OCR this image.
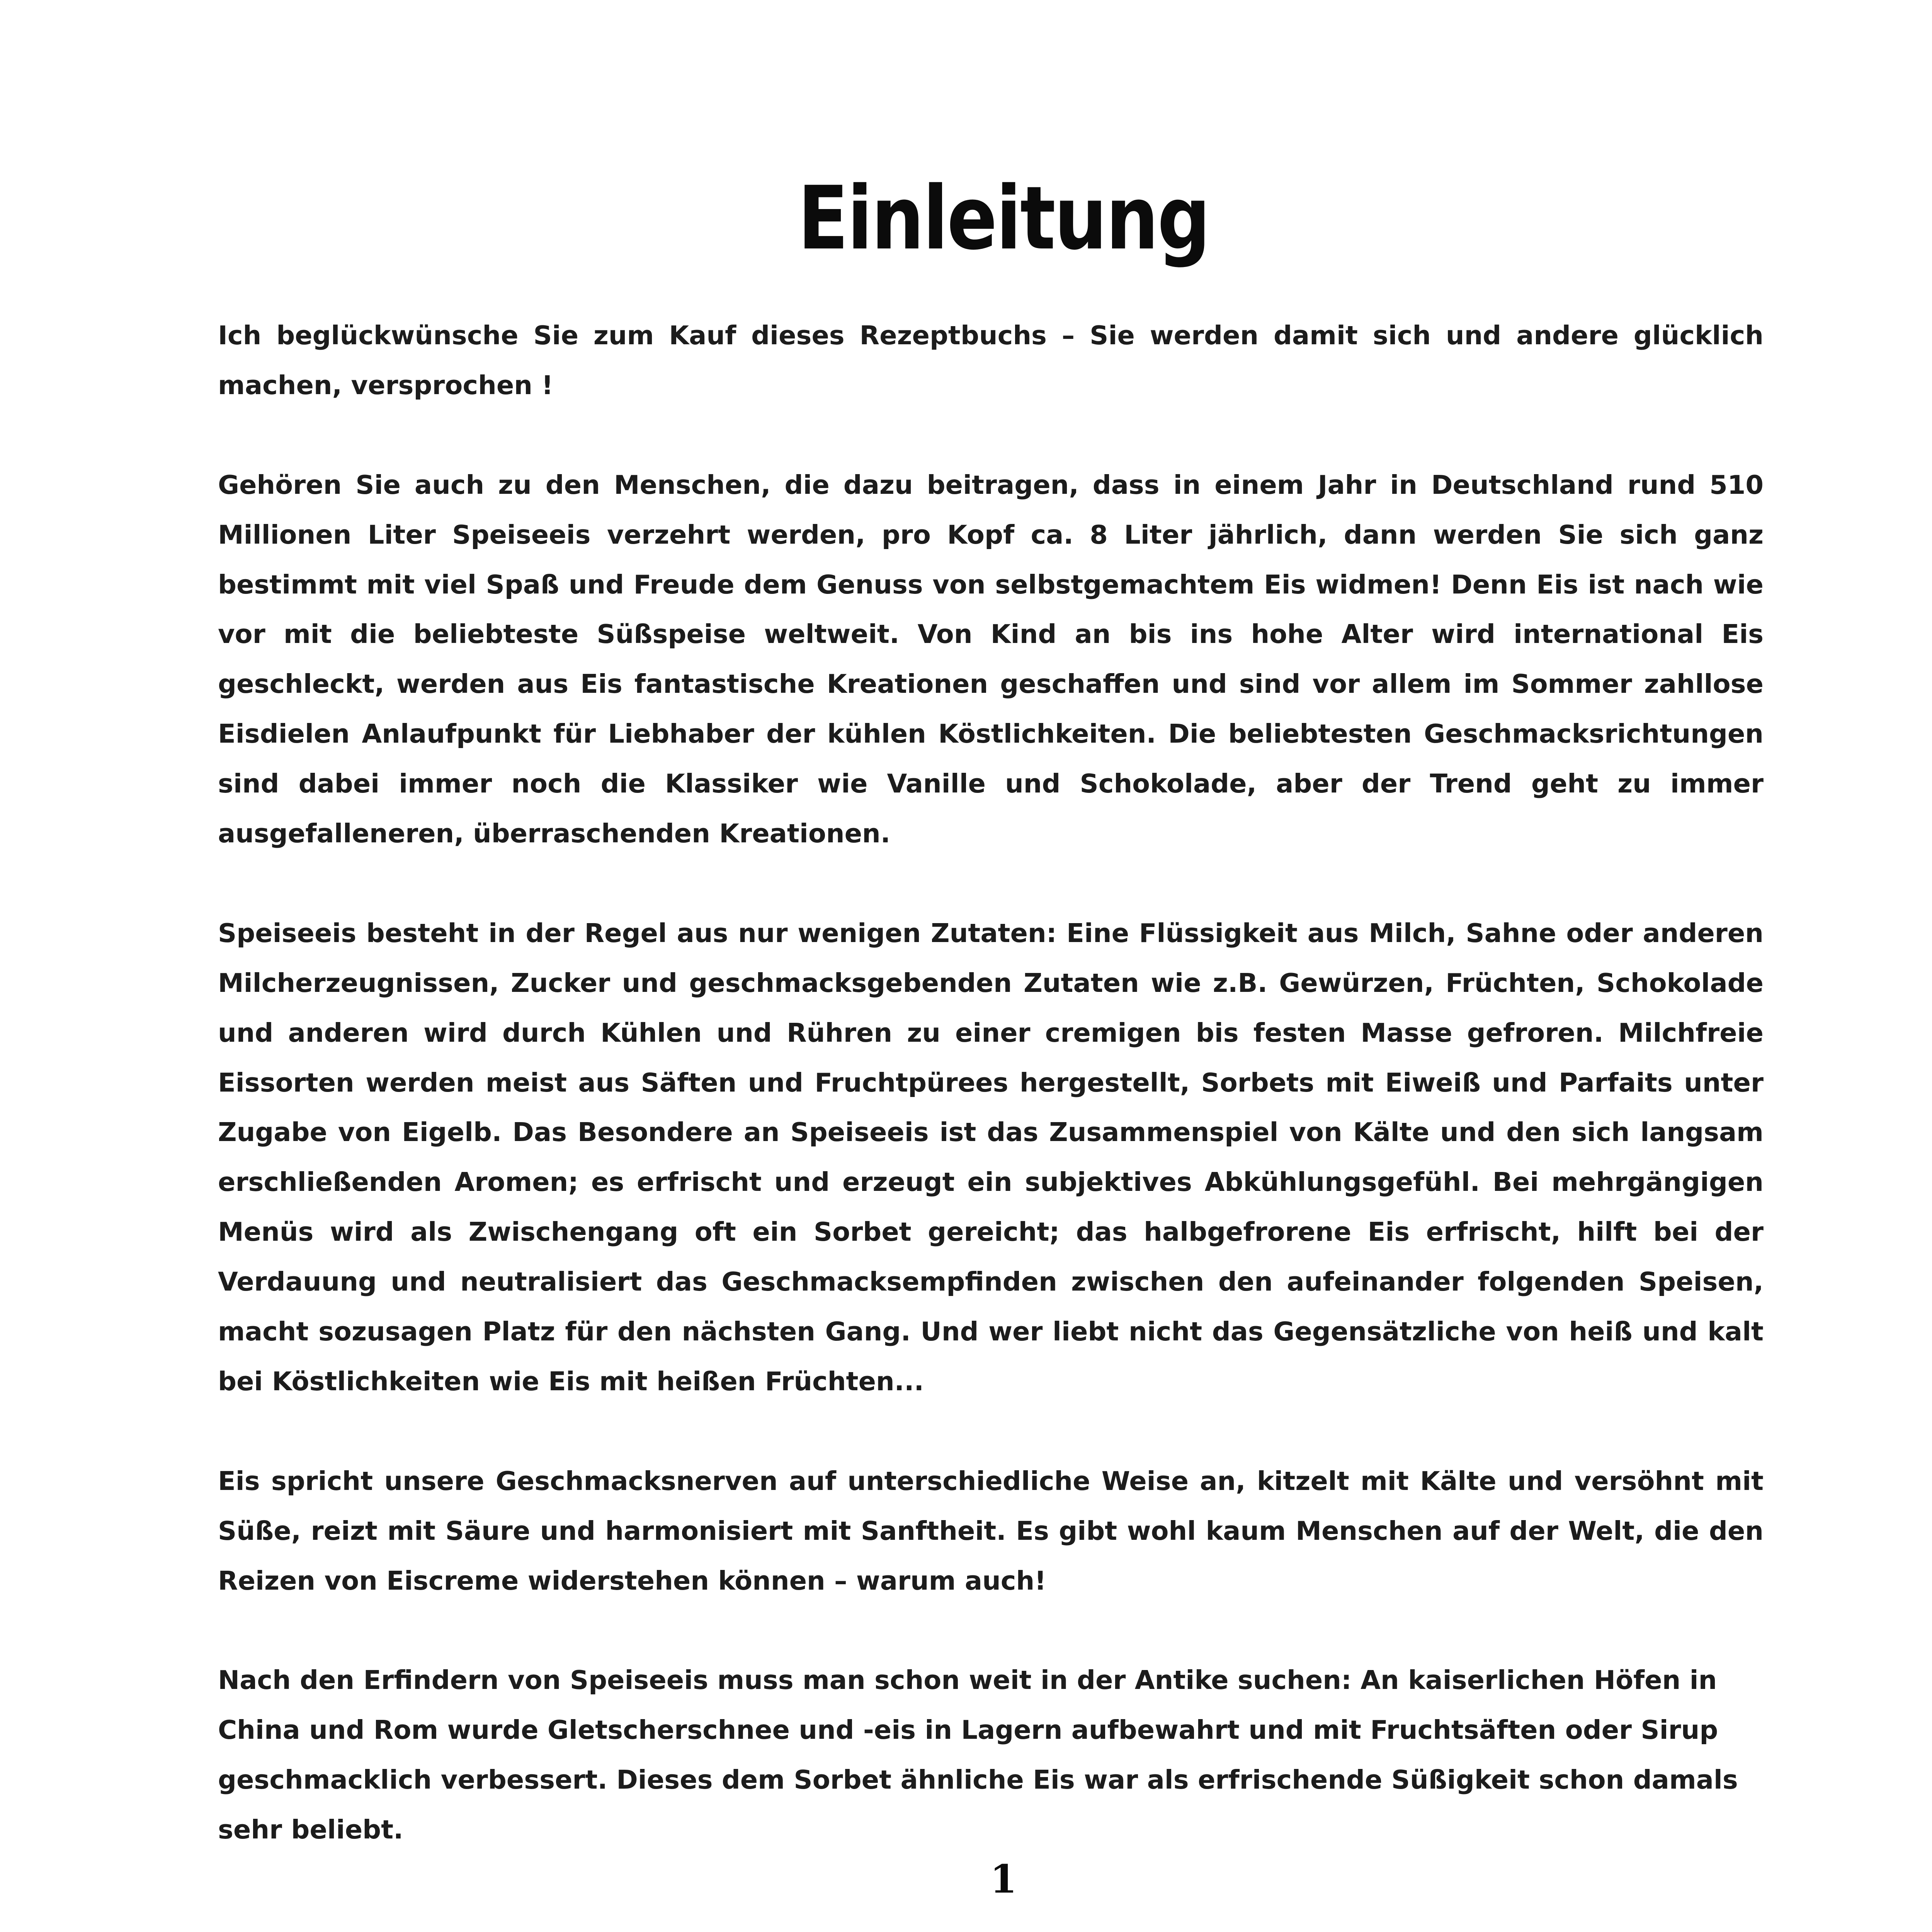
Einleitung

Ich beglückwünsche Sie zum Kauf dieses Rezeptbuchs – Sie werden damit sich und andere glücklich machen, versprochen !

Gehören Sie auch zu den Menschen, die dazu beitragen, dass in einem Jahr in Deutschland rund 510 Millionen Liter Speiseeis verzehrt werden, pro Kopf ca. 8 Liter jährlich, dann werden Sie sich ganz bestimmt mit viel Spaß und Freude dem Genuss von selbstgemachtem Eis widmen! Denn Eis ist nach wie vor mit die beliebteste Süßspeise weltweit. Von Kind an bis ins hohe Alter wird international Eis geschleckt, werden aus Eis fantastische Kreationen geschaffen und sind vor allem im Sommer zahllose Eisdielen Anlaufpunkt für Liebhaber der kühlen Köstlichkeiten. Die beliebtesten Geschmacksrichtungen sind dabei immer noch die Klassiker wie Vanille und Schokolade, aber der Trend geht zu immer ausgefalleneren, überraschenden Kreationen.

Speiseeis besteht in der Regel aus nur wenigen Zutaten: Eine Flüssigkeit aus Milch, Sahne oder anderen Milcherzeugnissen, Zucker und geschmacksgebenden Zutaten wie z.B. Gewürzen, Früchten, Schokolade und anderen wird durch Kühlen und Rühren zu einer cremigen bis festen Masse gefroren. Milchfreie Eissorten werden meist aus Säften und Fruchtpürees hergestellt, Sorbets mit Eiweiß und Parfaits unter Zugabe von Eigelb. Das Besondere an Speiseeis ist das Zusammenspiel von Kälte und den sich langsam erschließenden Aromen; es erfrischt und erzeugt ein subjektives Abkühlungsgefühl. Bei mehrgängigen Menüs wird als Zwischengang oft ein Sorbet gereicht; das halbgefrorene Eis erfrischt, hilft bei der Verdauung und neutralisiert das Geschmacksempfinden zwischen den aufeinander folgenden Speisen, macht sozusagen Platz für den nächsten Gang. Und wer liebt nicht das Gegensätzliche von heiß und kalt bei Köstlichkeiten wie Eis mit heißen Früchten...

Eis spricht unsere Geschmacksnerven auf unterschiedliche Weise an, kitzelt mit Kälte und versöhnt mit Süße, reizt mit Säure und harmonisiert mit Sanftheit. Es gibt wohl kaum Menschen auf der Welt, die den Reizen von Eiscreme widerstehen können – warum auch!

Nach den Erfindern von Speiseeis muss man schon weit in der Antike suchen: An kaiserlichen Höfen in China und Rom wurde Gletscherschnee und -eis in Lagern aufbewahrt und mit Fruchtsäften oder Sirup geschmacklich verbessert. Dieses dem Sorbet ähnliche Eis war als erfrischende Süßigkeit schon damals sehr beliebt.

1
